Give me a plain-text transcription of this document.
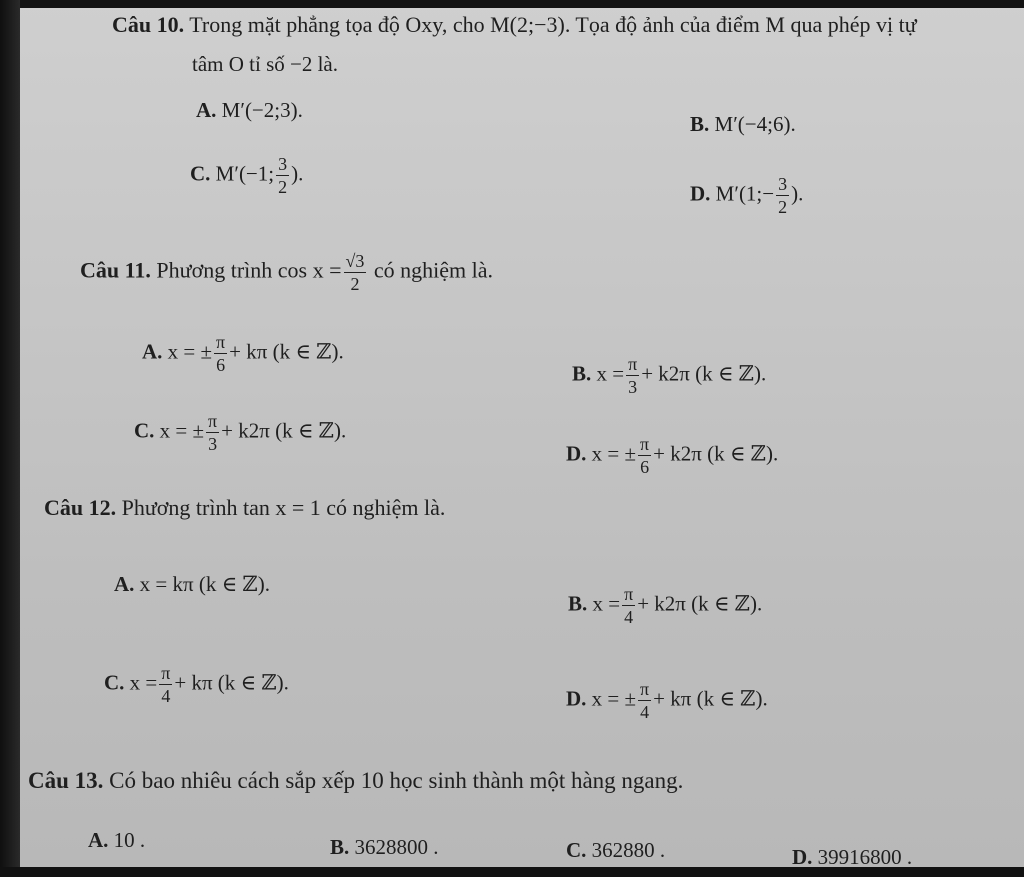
Câu 10. Trong mặt phẳng tọa độ Oxy, cho M(2;−3). Tọa độ ảnh của điểm M qua phép vị tự
tâm O tỉ số −2 là.
A. M′(−2;3).
B. M′(−4;6).
C. M′(−1; $\frac{3}{2}$ ).
D. M′(1;− $\frac{3}{2}$ ).
Câu 11. Phương trình $\cos x = \frac{√3}{2}$ có nghiệm là.
A. x = ± $\frac{\pi}{6} + k\pi$ (k ∈ ℤ).
B. $x = \frac{\pi}{3} + k2\pi$ (k ∈ ℤ).
C. x = ± $\frac{\pi}{3} + k2\pi$ (k ∈ ℤ).
D. x = ± $\frac{\pi}{6} + k2\pi$ (k ∈ ℤ).
Câu 12. Phương trình tan x = 1 có nghiệm là.
A. x = kπ (k ∈ ℤ).
B. $x = \frac{\pi}{4} + k2\pi$ (k ∈ ℤ).
C. $x = \frac{\pi}{4} + k\pi$ (k ∈ ℤ).
D. x = ± $\frac{\pi}{4} + k\pi$ (k ∈ ℤ).
Câu 13. Có bao nhiêu cách sắp xếp 10 học sinh thành một hàng ngang.
A. 10 .	B. 3628800 .	C. 362880 .	D. 39916800 .
